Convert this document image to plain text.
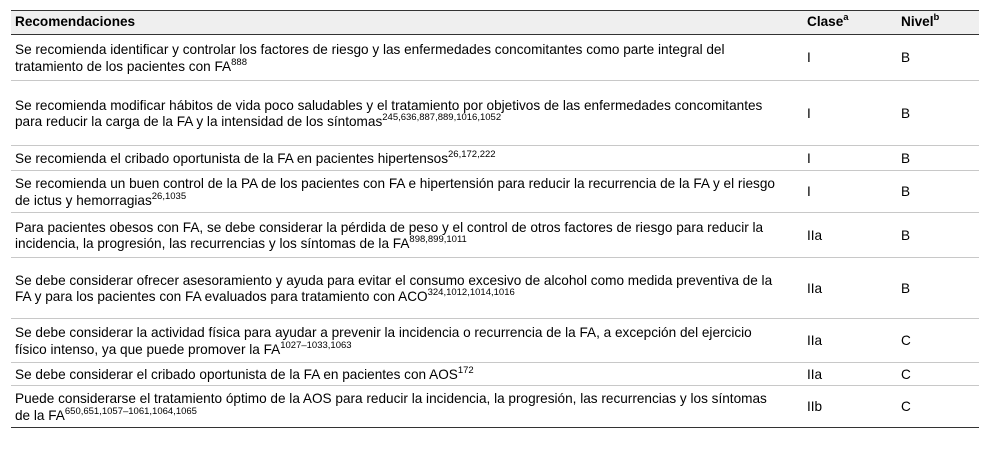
Recomendaciones	Clase$^a$	Nivel$^b$
Se recomienda identificar y controlar los factores de riesgo y las enfermedades concomitantes como parte integral del tratamiento de los pacientes con FA$^{888}$	I	B
Se recomienda modificar hábitos de vida poco saludables y el tratamiento por objetivos de las enfermedades concomitantes para reducir la carga de la FA y la intensidad de los síntomas$^{245,636,887,889,1016,1052}$	I	B
Se recomienda el cribado oportunista de la FA en pacientes hipertensos$^{26,172,222}$	I	B
Se recomienda un buen control de la PA de los pacientes con FA e hipertensión para reducir la recurrencia de la FA y el riesgo de ictus y hemorragias$^{26,1035}$	I	B
Para pacientes obesos con FA, se debe considerar la pérdida de peso y el control de otros factores de riesgo para reducir la incidencia, la progresión, las recurrencias y los síntomas de la $FA^{898,899,1011}$	IIa	B
Se debe considerar ofrecer asesoramiento y ayuda para evitar el consumo excesivo de alcohol como medida preventiva de la FA y para los pacientes con FA evaluados para tratamiento con $ACO^{324,1012,1014,1016}$	IIa	B
Se debe considerar la actividad física para ayudar a prevenir la incidencia o recurrencia de la FA, a excepción del ejercicio físico intenso, ya que puede promover la $FA^{1027-1033,1063}$	IIa	C
Se debe considerar el cribado oportunista de la FA en pacientes con AOS$^{172}$	IIa	C
Puede considerarse el tratamiento óptimo de la AOS para reducir la incidencia, la progresión, las recurrencias y los síntomas de la $FA^{650,651,1057-1061,1064,1065}$	IIb	C
